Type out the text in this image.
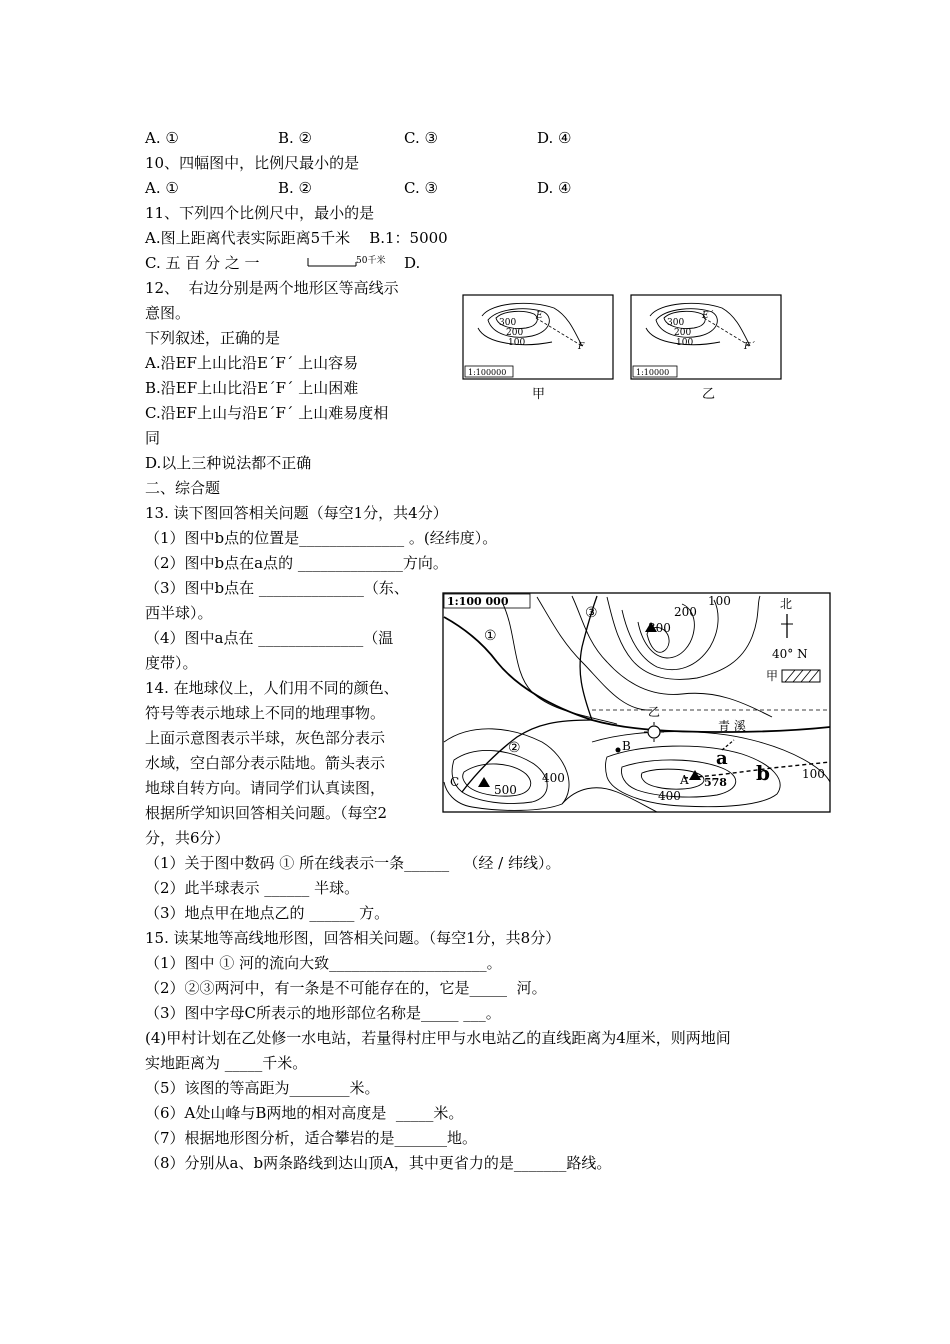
A. ①	B. ②	C. ③	D. ④
10、四幅图中，比例尺最小的是
A. ①	B. ②	C. ③	D. ④
11、下列四个比例尺中，最小的是
A.图上距离代表实际距离5千米    B.1：5000
C. 五 百 分 之 一	50千米 D.
12、  右边分别是两个地形区等高线示
意图。
下列叙述，正确的是
A.沿EF上山比沿E´F´ 上山容易
B.沿EF上山比沿E´F´ 上山困难
C.沿EF上山与沿E´F´ 上山难易度相
同
D.以上三种说法都不正确
300
200
100
E
F
1:100000
甲
300
200
100
E´
F´
1:10000
乙
二、综合题
13. 读下图回答相关问题（每空1分，共4分）
（1）图中b点的位置是______________ 。(经纬度）。
（2）图中b点在a点的 ______________方向。
（3）图中b点在 ______________（东、
西半球）。
（4）图中a点在 ______________（温
度带）。
14. 在地球仪上，人们用不同的颜色、
符号等表示地球上不同的地理事物。
上面示意图表示半球，灰色部分表示
水域，空白部分表示陆地。箭头表示
地球自转方向。请同学们认真读图，
根据所学知识回答相关问题。（每空2
分，共6分）
（1）关于图中数码 ① 所在线表示一条______   （经 / 纬线）。
（2）此半球表示 ______ 半球。
（3）地点甲在地点乙的 ______ 方。
15. 读某地等高线地形图，回答相关问题。（每空1分，共8分）
（1）图中 ① 河的流向大致_____________________。
（2）②③两河中，有一条是不可能存在的，它是_____  河。
（3）图中字母C所表示的地形部位名称是_____ ___。
(4)甲村计划在乙处修一水电站，若量得村庄甲与水电站乙的直线距离为4厘米，则两地间
实地距离为 _____千米。
（5）该图的等高距为________米。
（6）A处山峰与B两地的相对高度是  _____米。
（7）根据地形图分析，适合攀岩的是_______地。
（8）分别从a、b两条路线到达山顶A，其中更省力的是_______路线。
1:100 000	北
40° N
甲
青 溪
乙
①
②
③
100
200
300
400
500	400
578
100
A
B
C
a
b
